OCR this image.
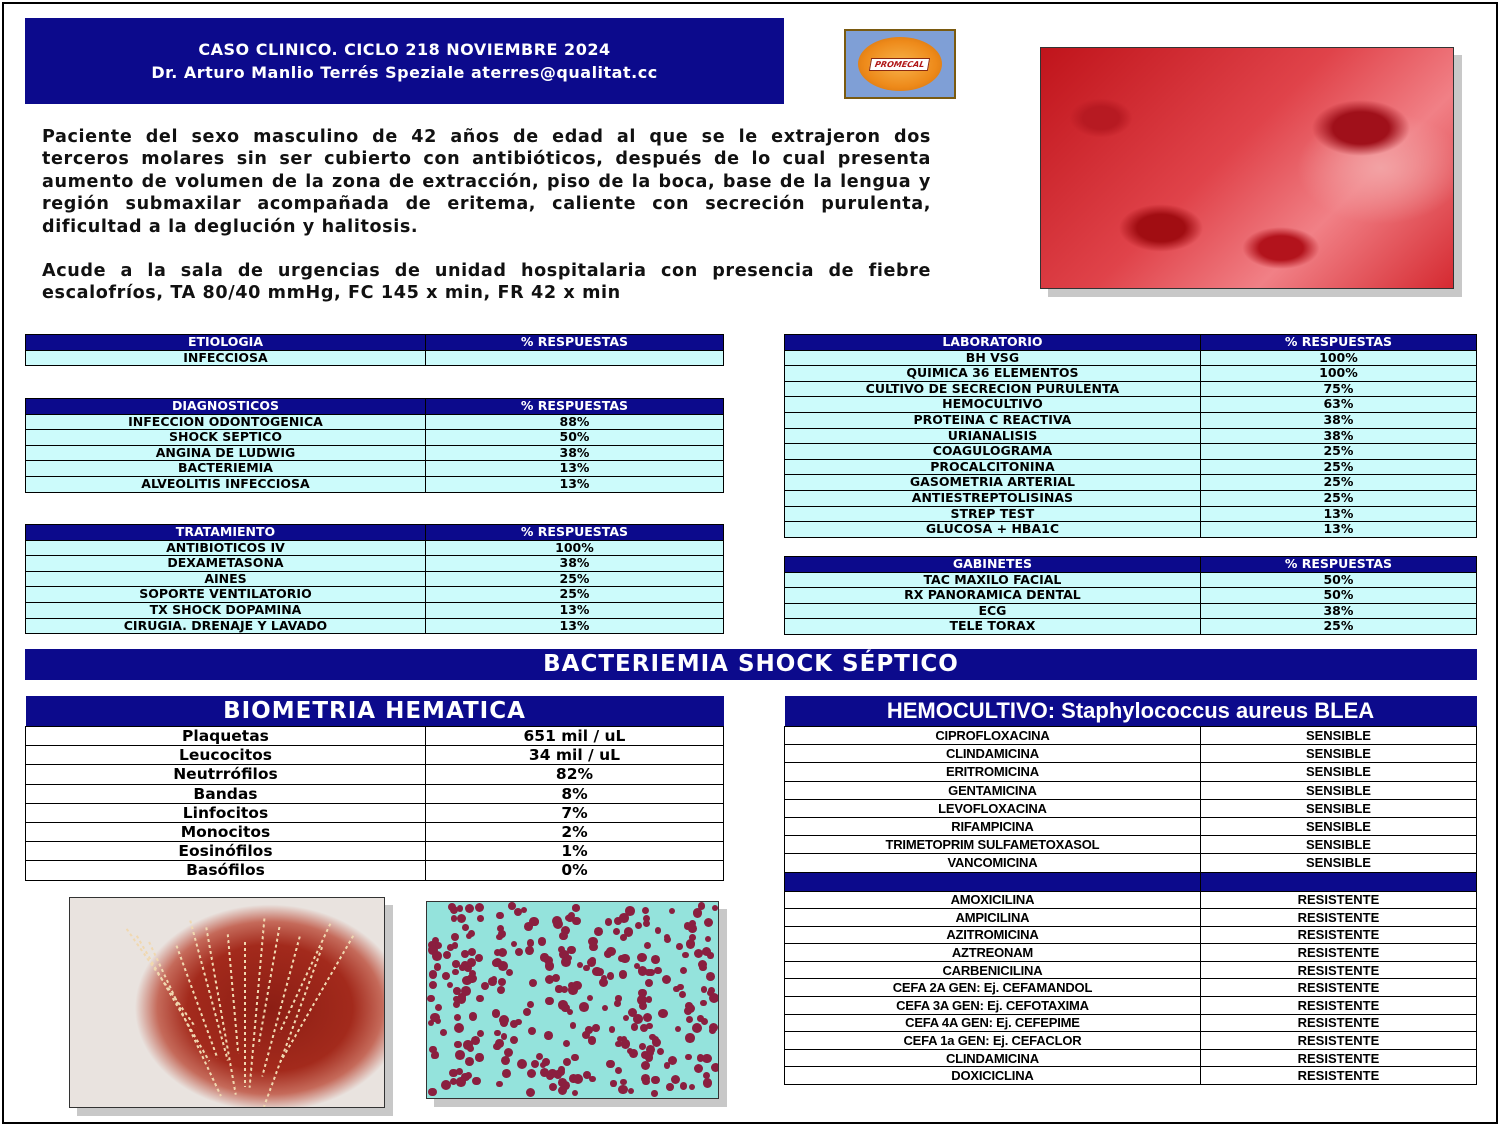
CASO CLINICO. CICLO 218 NOVIEMBRE 2024
Dr. Arturo Manlio Terrés Speziale aterres@qualitat.cc	PROMECAL
Paciente del sexo masculino de 42 años de edad al que se le extrajeron dos terceros molares sin ser cubierto con antibióticos, después de lo cual presenta aumento de volumen de la zona de extracción, piso de la boca, base de la lengua y región submaxilar acompañada de eritema, caliente con secreción purulenta, dificultad a la deglución y halitosis.
Acude a la sala de urgencias de unidad hospitalaria con presencia de fiebre escalofríos, TA 80/40 mmHg, FC 145 x min, FR 42 x min
ETIOLOGIA	% RESPUESTAS
INFECCIOSA	
DIAGNOSTICOS	% RESPUESTAS
INFECCION ODONTOGENICA	88%
SHOCK SEPTICO	50%
ANGINA DE LUDWIG	38%
BACTERIEMIA	13%
ALVEOLITIS INFECCIOSA	13%
TRATAMIENTO	% RESPUESTAS
ANTIBIOTICOS IV	100%
DEXAMETASONA	38%
AINES	25%
SOPORTE VENTILATORIO	25%
TX SHOCK DOPAMINA	13%
CIRUGIA. DRENAJE Y LAVADO	13%
LABORATORIO	% RESPUESTAS
BH VSG	100%
QUIMICA 36 ELEMENTOS	100%
CULTIVO DE SECRECION PURULENTA	75%
HEMOCULTIVO	63%
PROTEINA C REACTIVA	38%
URIANALISIS	38%
COAGULOGRAMA	25%
PROCALCITONINA	25%
GASOMETRIA ARTERIAL	25%
ANTIESTREPTOLISINAS	25%
STREP TEST	13%
GLUCOSA + HBA1C	13%
GABINETES	% RESPUESTAS
TAC MAXILO FACIAL	50%
RX PANORAMICA DENTAL	50%
ECG	38%
TELE TORAX	25%
BACTERIEMIA SHOCK SÉPTICO
BIOMETRIA HEMATICA	
Plaquetas	651 mil / uL
Leucocitos	34 mil / uL
Neutrrófilos	82%
Bandas	8%
Linfocitos	7%
Monocitos	2%
Eosinófilos	1%
Basófilos	0%
HEMOCULTIVO: Staphylococcus aureus BLEA	
CIPROFLOXACINA	SENSIBLE
CLINDAMICINA	SENSIBLE
ERITROMICINA	SENSIBLE
GENTAMICINA	SENSIBLE
LEVOFLOXACINA	SENSIBLE
RIFAMPICINA	SENSIBLE
TRIMETOPRIM SULFAMETOXASOL	SENSIBLE
VANCOMICINA	SENSIBLE

AMOXICILINA	RESISTENTE
AMPICILINA	RESISTENTE
AZITROMICINA	RESISTENTE
AZTREONAM	RESISTENTE
CARBENICILINA	RESISTENTE
CEFA 2A GEN: Ej. CEFAMANDOL	RESISTENTE
CEFA 3A GEN: Ej. CEFOTAXIMA	RESISTENTE
CEFA 4A GEN: Ej. CEFEPIME	RESISTENTE
CEFA 1a GEN: Ej. CEFACLOR	RESISTENTE
CLINDAMICINA	RESISTENTE
DOXICICLINA	RESISTENTE
